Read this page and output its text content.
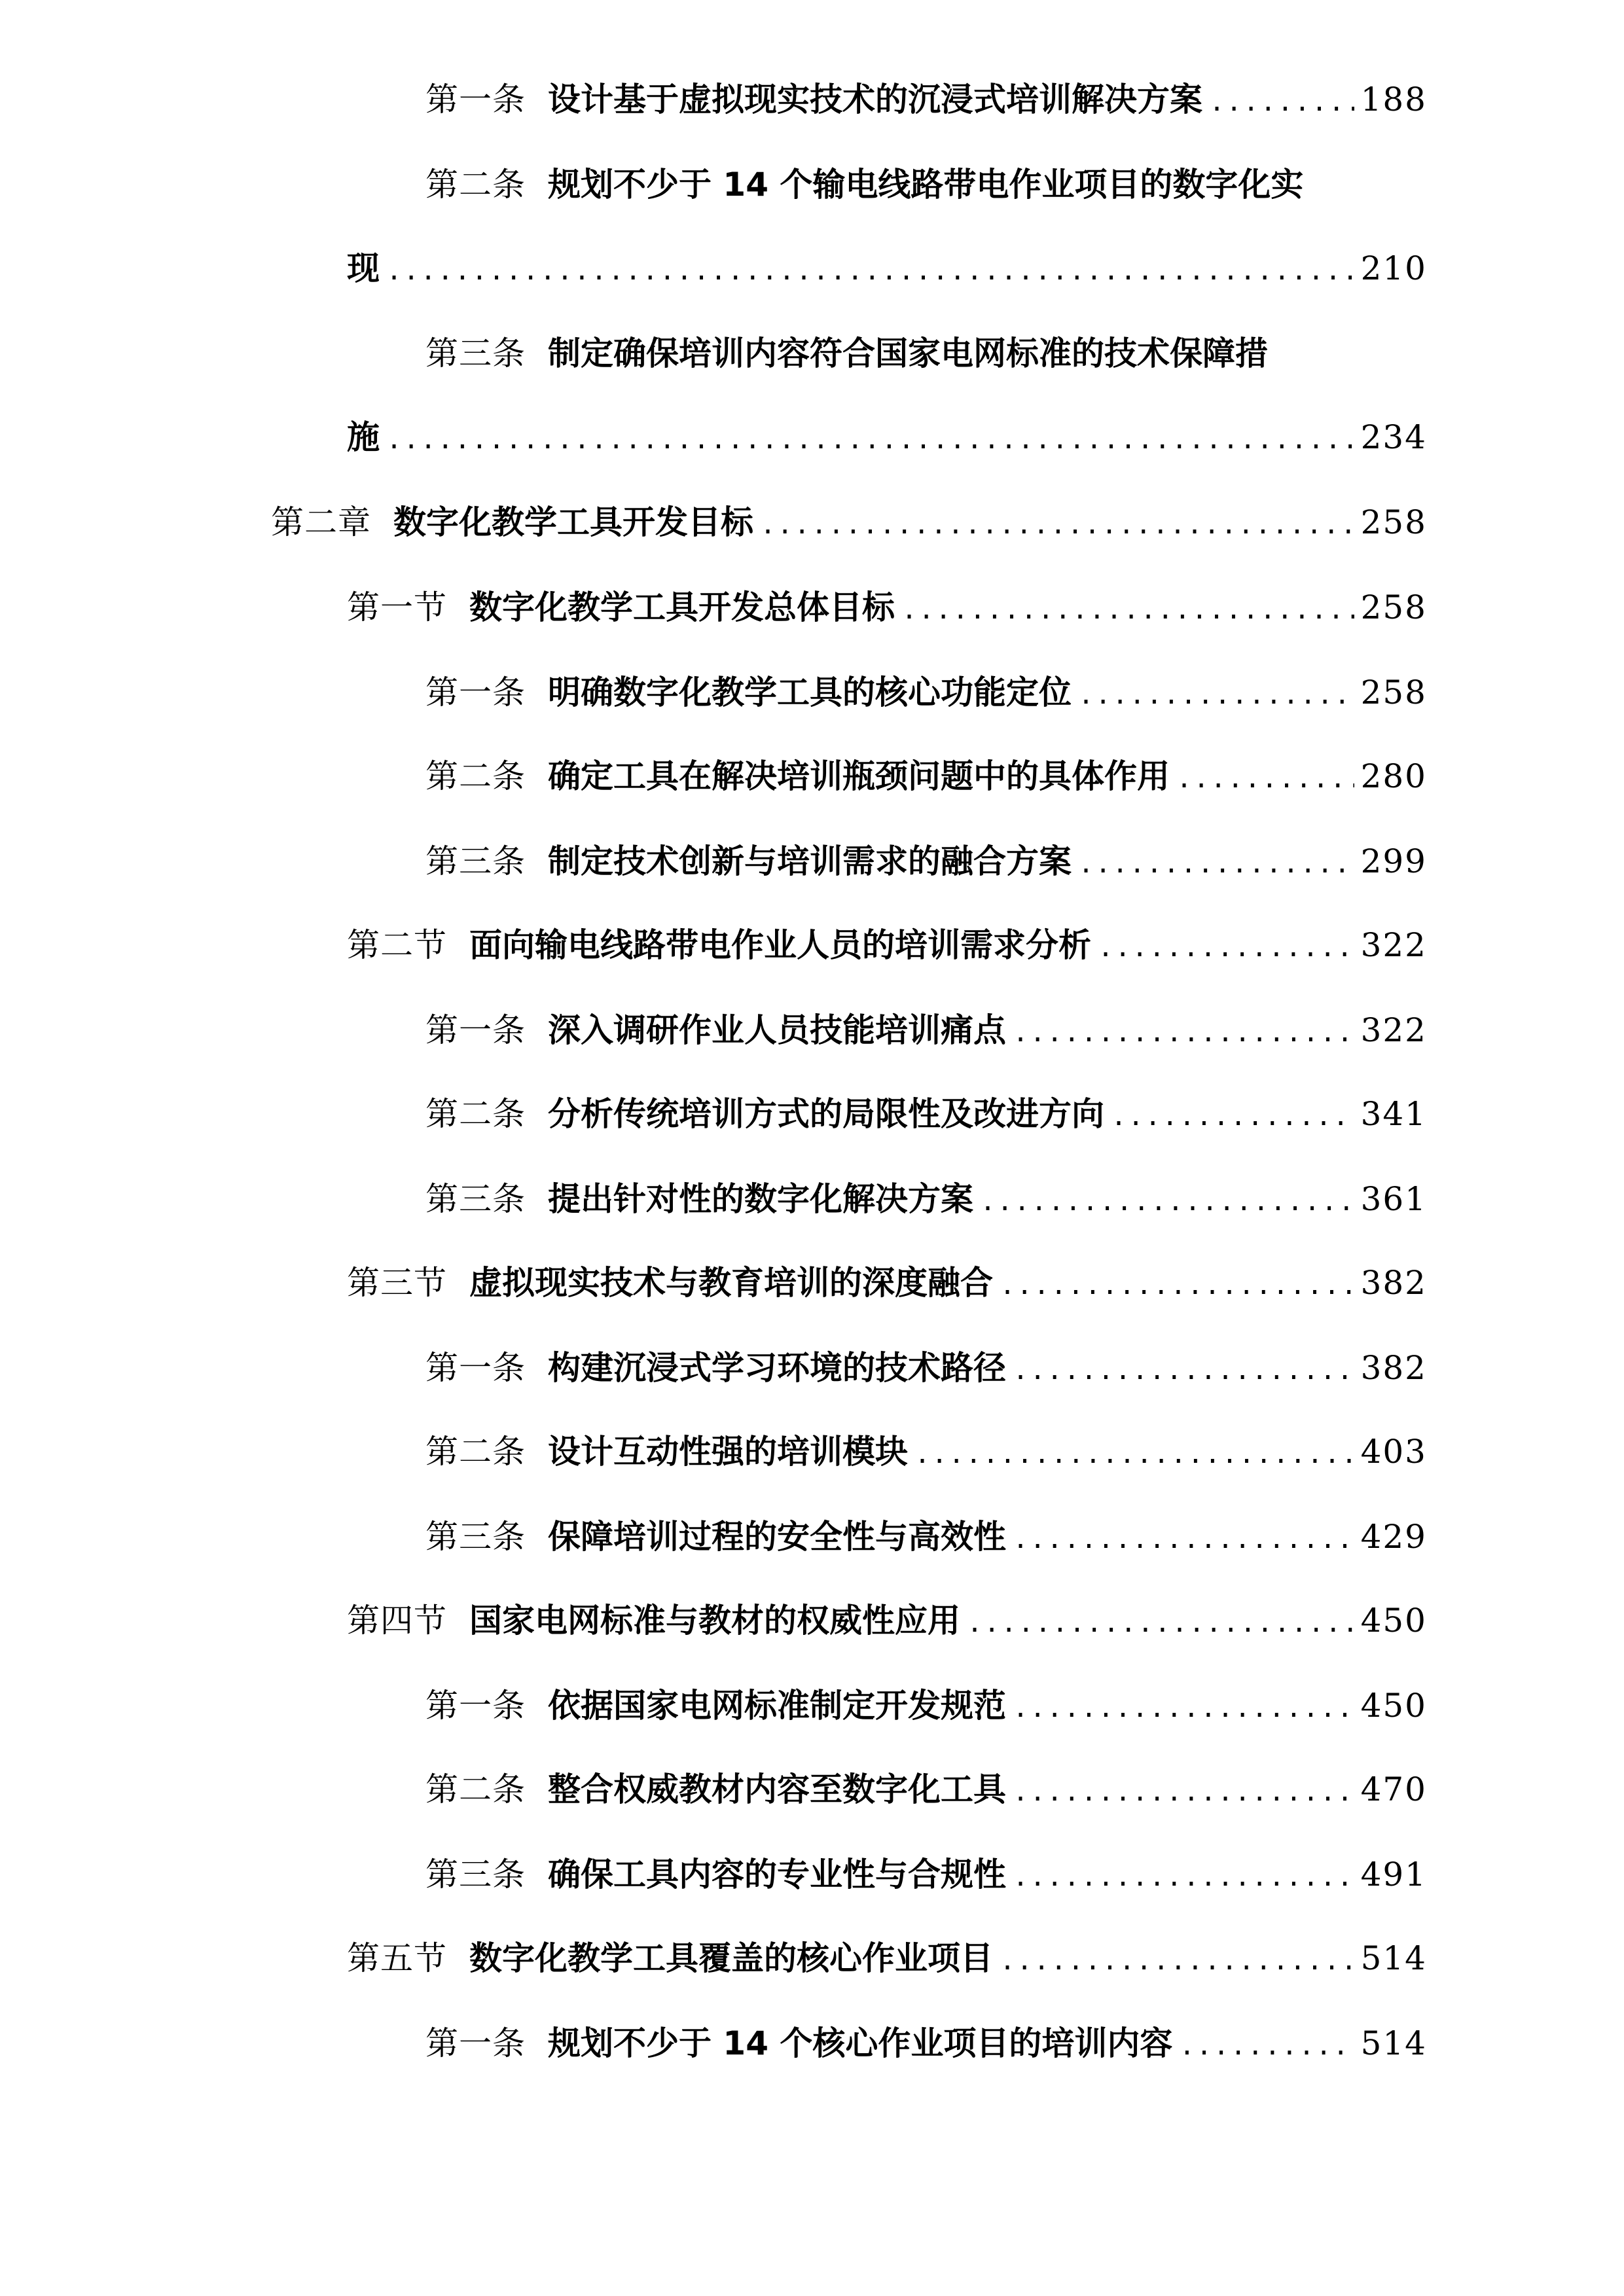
第一条 设计基于虚拟现实技术的沉浸式培训解决方案 .....	188
第二条 规划不少于 14 个输电线路带电作业项目的数字化实
现 .....	210
第三条 制定确保培训内容符合国家电网标准的技术保障措
施 .....	234
第二章 数字化教学工具开发目标 .....	258
第一节 数字化教学工具开发总体目标 .....	258
第一条 明确数字化教学工具的核心功能定位 .....	258
第二条 确定工具在解决培训瓶颈问题中的具体作用 .....	280
第三条 制定技术创新与培训需求的融合方案 .....	299
第二节 面向输电线路带电作业人员的培训需求分析 .....	322
第一条 深入调研作业人员技能培训痛点 .....	322
第二条 分析传统培训方式的局限性及改进方向 .....	341
第三条 提出针对性的数字化解决方案 .....	361
第三节 虚拟现实技术与教育培训的深度融合 .....	382
第一条 构建沉浸式学习环境的技术路径 .....	382
第二条 设计互动性强的培训模块 .....	403
第三条 保障培训过程的安全性与高效性 .....	429
第四节 国家电网标准与教材的权威性应用 .....	450
第一条 依据国家电网标准制定开发规范 .....	450
第二条 整合权威教材内容至数字化工具 .....	470
第三条 确保工具内容的专业性与合规性 .....	491
第五节 数字化教学工具覆盖的核心作业项目 .....	514
第一条 规划不少于 14 个核心作业项目的培训内容 .....	514
